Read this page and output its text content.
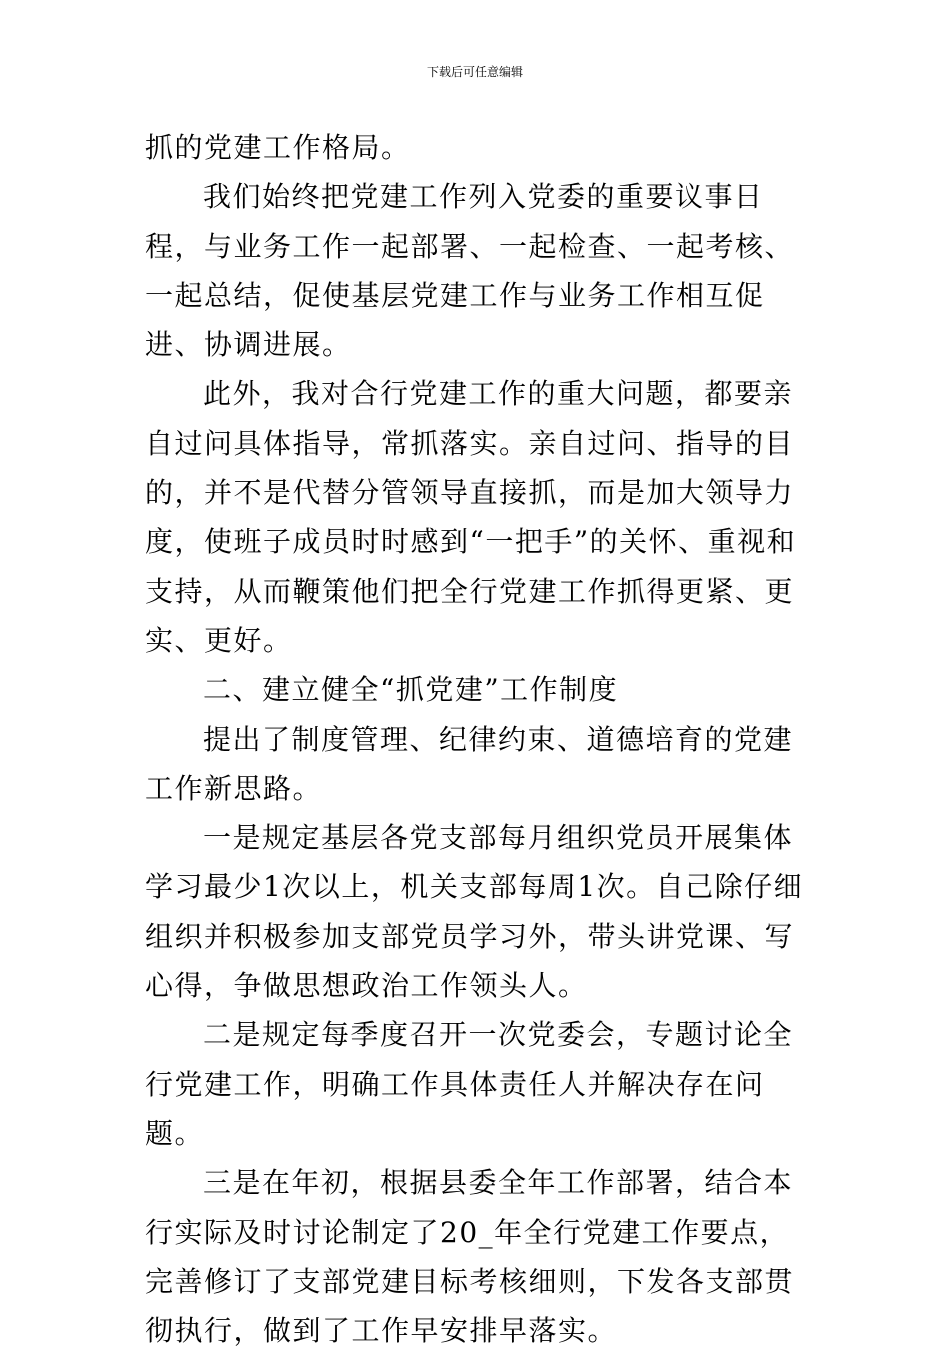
下载后可任意编辑

抓的党建工作格局。

我们始终把党建工作列入党委的重要议事日程，与业务工作一起部署、一起检查、一起考核、一起总结，促使基层党建工作与业务工作相互促进、协调进展。

此外，我对合行党建工作的重大问题，都要亲自过问具体指导，常抓落实。亲自过问、指导的目的，并不是代替分管领导直接抓，而是加大领导力度，使班子成员时时感到“一把手”的关怀、重视和支持，从而鞭策他们把全行党建工作抓得更紧、更实、更好。

二、建立健全“抓党建”工作制度

提出了制度管理、纪律约束、道德培育的党建工作新思路。

一是规定基层各党支部每月组织党员开展集体学习最少1次以上，机关支部每周1次。自己除仔细组织并积极参加支部党员学习外，带头讲党课、写心得，争做思想政治工作领头人。

二是规定每季度召开一次党委会，专题讨论全行党建工作，明确工作具体责任人并解决存在问题。

三是在年初，根据县委全年工作部署，结合本行实际及时讨论制定了20_年全行党建工作要点，完善修订了支部党建目标考核细则，下发各支部贯彻执行，做到了工作早安排早落实。
